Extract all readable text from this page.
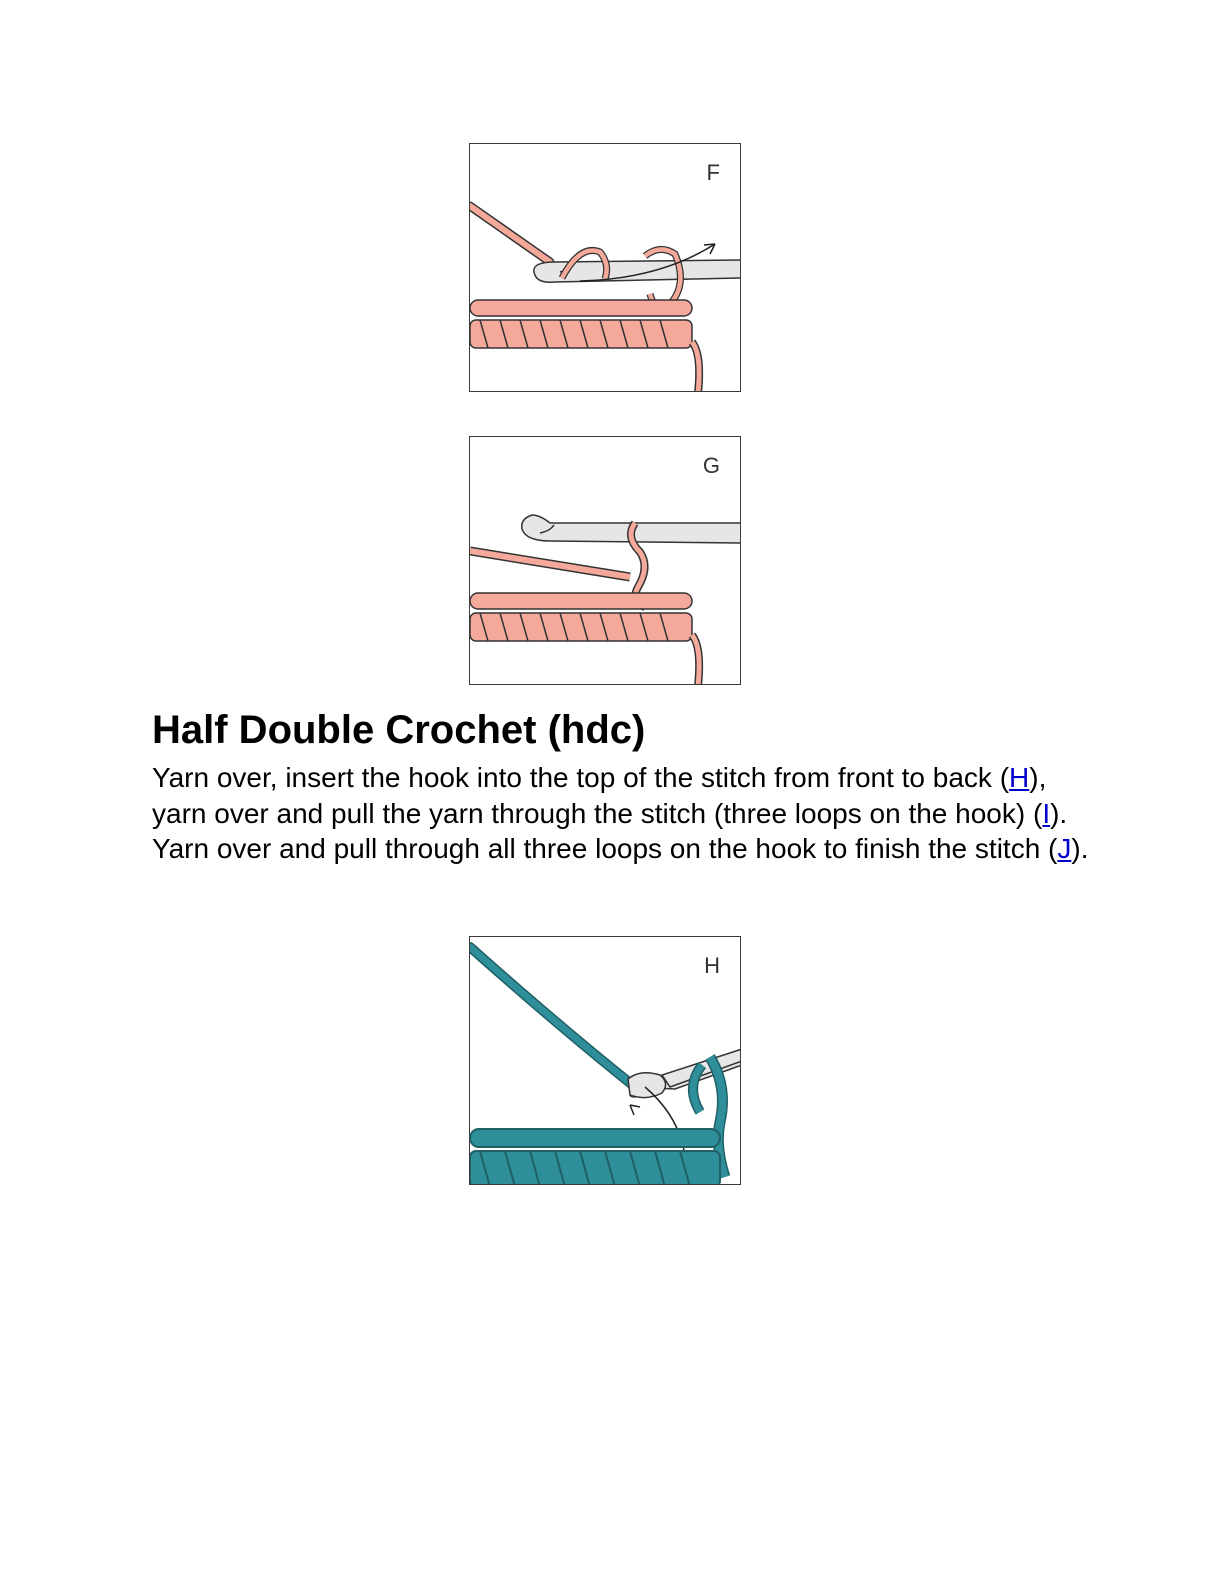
F
G
Half Double Crochet (hdc)

Yarn over, insert the hook into the top of the stitch from front to back (H), yarn over and pull the yarn through the stitch (three loops on the hook) (I). Yarn over and pull through all three loops on the hook to finish the stitch (J).

H
